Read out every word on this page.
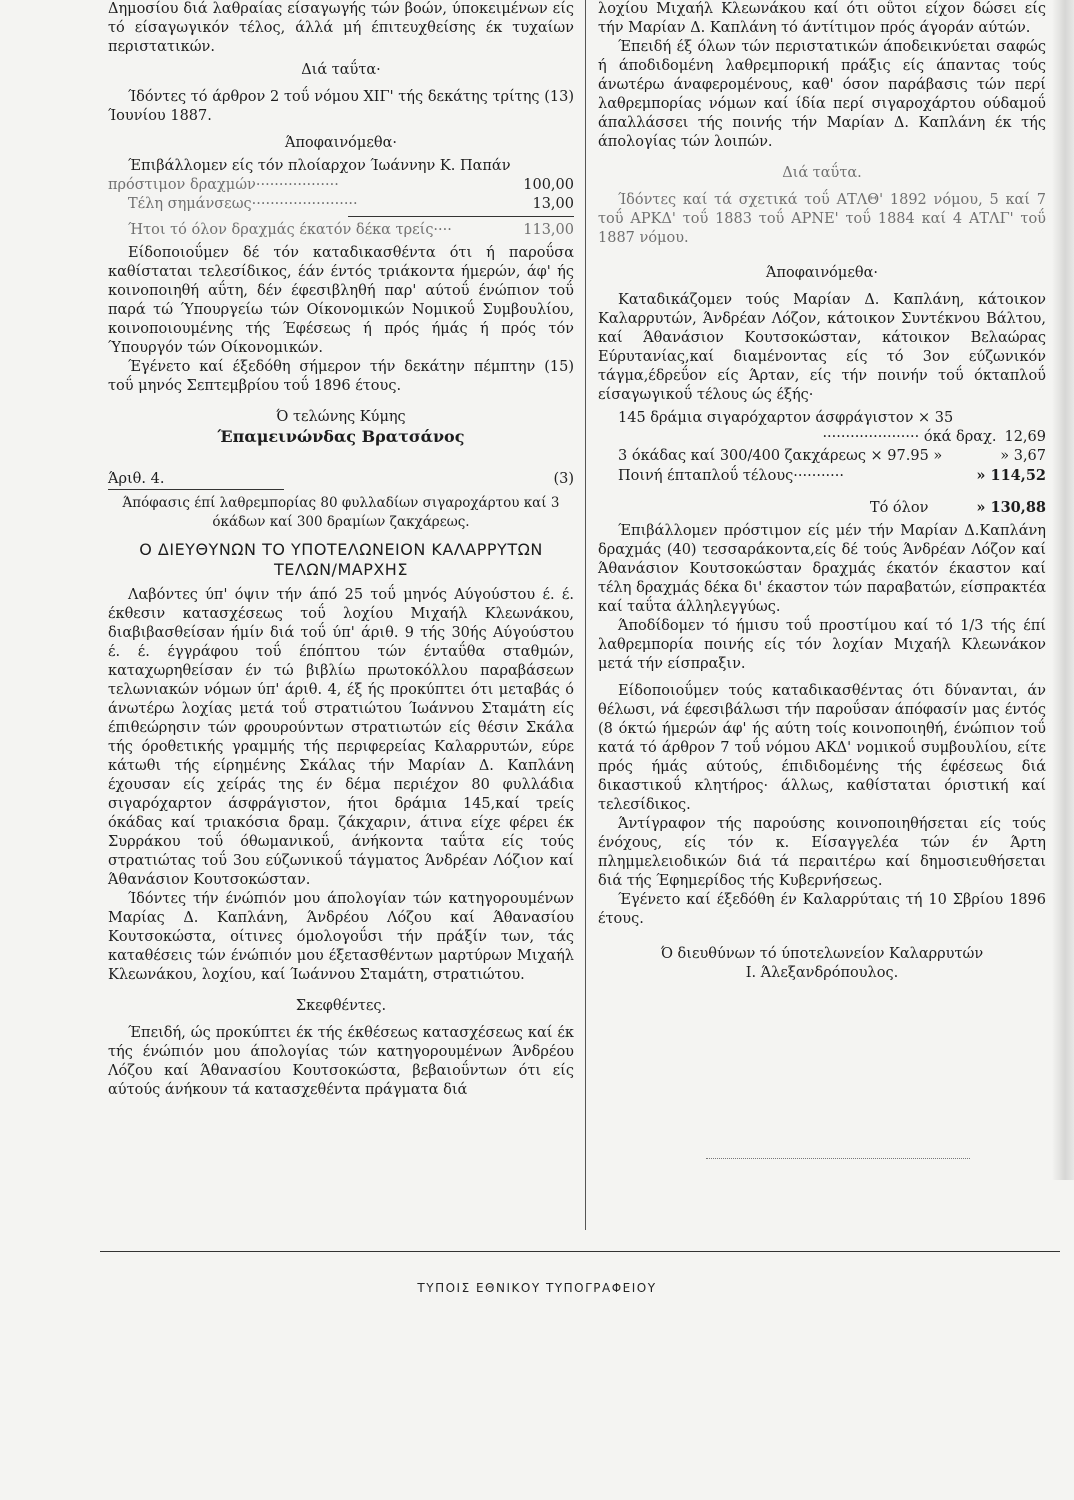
Δημοσίου διά λαθραίας είσαγωγής τών βοών, ύποκειμένων είς τό είσαγωγικόν τέλος, άλλά μή έπιτευχθείσης έκ τυχαίων περιστατικών.

Διά ταΰτα·

Ίδόντες τό άρθρον 2 τοΰ νόμου ΧΙΓ' τής δεκάτης τρίτης (13) Ίουνίου 1887.

Άποφαινόμεθα·

Έπιβάλλομεν είς τόν πλοίαρχον Ίωάννην Κ. Παπάν

πρόστιμον δραχμών··················	100,00
Τέλη σημάνσεως·······················	13,00
Ήτοι τό όλον δραχμάς έκατόν δέκα τρείς····	113,00

Είδοποιοΰμεν δέ τόν καταδικασθέντα ότι ή παροΰσα καθίσταται τελεσίδικος, έάν έντός τριάκοντα ήμερών, άφ' ής κοινοποιηθή αΰτη, δέν έφεσιβληθή παρ' αύτοΰ ένώπιον τοΰ παρά τώ Ύπουργείω τών Οίκονομικών Νομικοΰ Συμβουλίου, κοινοποιουμένης τής Έφέσεως ή πρός ήμάς ή πρός τόν Ύπουργόν τών Οίκονομικών.

Έγένετο καί έξεδόθη σήμερον τήν δεκάτην πέμπτην (15) τοΰ μηνός Σεπτεμβρίου τοΰ 1896 έτους.

Ό τελώνης Κύμης

Έπαμεινώνδας Βρατσάνος

Άριθ. 4.	(3)

Άπόφασις έπί λαθρεμπορίας 80 φυλλαδίων σιγαροχάρτου καί 3 όκάδων καί 300 δραμίων ζακχάρεως.

Ο ΔΙΕΥΘΥΝΩΝ ΤΟ ΥΠΟΤΕΛΩΝΕΙΟΝ ΚΑΛΑΡΡΥΤΩΝ ΤΕΛΩΝ/ΜΑΡΧΗΣ

Λαβόντες ύπ' όψιν τήν άπό 25 τοΰ μηνός Αύγούστου έ. έ. έκθεσιν κατασχέσεως τοΰ λοχίου Μιχαήλ Κλεωνάκου, διαβιβασθείσαν ήμίν διά τοΰ ύπ' άριθ. 9 τής 30ής Αύγούστου έ. έ. έγγράφου τοΰ έπόπτου τών ένταΰθα σταθμών, καταχωρηθείσαν έν τώ βιβλίω πρωτοκόλλου παραβάσεων τελωνιακών νόμων ύπ' άριθ. 4, έξ ής προκύπτει ότι μεταβάς ό άνωτέρω λοχίας μετά τοΰ στρατιώτου Ίωάννου Σταμάτη είς έπιθεώρησιν τών φρουρούντων στρατιωτών είς θέσιν Σκάλα τής όροθετικής γραμμής τής περιφερείας Καλαρρυτών, εύρε κάτωθι τής είρημένης Σκάλας τήν Μαρίαν Δ. Καπλάνη έχουσαν είς χείράς της έν δέμα περιέχον 80 φυλλάδια σιγαρόχαρτον άσφράγιστον, ήτοι δράμια 145,καί τρείς όκάδας καί τριακόσια δραμ. ζάκχαριν, άτινα είχε φέρει έκ Συρράκου τοΰ όθωμανικοΰ, άνήκοντα ταΰτα είς τούς στρατιώτας τοΰ 3ου εύζωνικοΰ τάγματος Άνδρέαν Λόζιον καί Άθανάσιον Κουτσοκώσταν.

Ίδόντες τήν ένώπιόν μου άπολογίαν τών κατηγορουμένων Μαρίας Δ. Καπλάνη, Άνδρέου Λόζου καί Άθανασίου Κουτσοκώστα, οίτινες όμολογοΰσι τήν πράξίν των, τάς καταθέσεις τών ένώπιόν μου έξετασθέντων μαρτύρων Μιχαήλ Κλεωνάκου, λοχίου, καί Ίωάννου Σταμάτη, στρατιώτου.

Σκεφθέντες.

Έπειδή, ώς προκύπτει έκ τής έκθέσεως κατασχέσεως καί έκ τής ένώπιόν μου άπολογίας τών κατηγορουμένων Άνδρέου Λόζου καί Άθανασίου Κουτσοκώστα, βεβαιοΰντων ότι είς αύτούς άνήκουν τά κατασχεθέντα πράγματα διά

λοχίου Μιχαήλ Κλεωνάκου καί ότι οΰτοι είχον δώσει είς τήν Μαρίαν Δ. Καπλάνη τό άντίτιμον πρός άγοράν αύτών.

Έπειδή έξ όλων τών περιστατικών άποδεικνύεται σαφώς ή άποδιδομένη λαθρεμπορική πράξις είς άπαντας τούς άνωτέρω άναφερομένους, καθ' όσον παράβασις τών περί λαθρεμπορίας νόμων καί ίδία περί σιγαροχάρτου ούδαμοΰ άπαλλάσσει τής ποινής τήν Μαρίαν Δ. Καπλάνη έκ τής άπολογίας τών λοιπών.

Διά ταΰτα.

Ίδόντες καί τά σχετικά τοΰ ΑΤΛΘ' 1892 νόμου, 5 καί 7 τοΰ ΑΡΚΔ' τοΰ 1883 τοΰ ΑΡΝΕ' τοΰ 1884 καί 4 ΑΤΛΓ' τοΰ 1887 νόμου.

Άποφαινόμεθα·

Καταδικάζομεν τούς Μαρίαν Δ. Καπλάνη, κάτοικον Καλαρρυτών, Άνδρέαν Λόζον, κάτοικον Συντέκνου Βάλτου, καί Άθανάσιον Κουτσοκώσταν, κάτοικον Βελαώρας Εύρυτανίας,καί διαμένοντας είς τό 3ον εύζωνικόν τάγμα,έδρεΰον είς Άρταν, είς τήν ποινήν τοΰ όκταπλοΰ είσαγωγικοΰ τέλους ώς έξής·

145 δράμια σιγαρόχαρτον άσφράγιστον × 35

····················· όκά δραχ. 12,69
3 όκάδας καί 300/400 ζακχάρεως × 97.95 »	» 3,67
Ποινή έπταπλοΰ τέλους···········	» 114,52
Τό όλον	» 130,88

Έπιβάλλομεν πρόστιμον είς μέν τήν Μαρίαν Δ.Καπλάνη δραχμάς (40) τεσσαράκοντα,είς δέ τούς Άνδρέαν Λόζον καί Άθανάσιον Κουτσοκώσταν δραχμάς έκατόν έκαστον καί τέλη δραχμάς δέκα δι' έκαστον τών παραβατών, είσπρακτέα καί ταΰτα άλληλεγγύως.

Άποδίδομεν τό ήμισυ τοΰ προστίμου καί τό 1/3 τής έπί λαθρεμπορία ποινής είς τόν λοχίαν Μιχαήλ Κλεωνάκον μετά τήν είσπραξιν.

Είδοποιοΰμεν τούς καταδικασθέντας ότι δύνανται, άν θέλωσι, νά έφεσιβάλωσι τήν παροΰσαν άπόφασίν μας έντός (8 όκτώ ήμερών άφ' ής αύτη τοίς κοινοποιηθή, ένώπιον τοΰ κατά τό άρθρον 7 τοΰ νόμου ΑΚΔ' νομικοΰ συμβουλίου, είτε πρός ήμάς αύτούς, έπιδιδομένης τής έφέσεως διά δικαστικοΰ κλητήρος· άλλως, καθίσταται όριστική καί τελεσίδικος.

Άντίγραφον τής παρούσης κοινοποιηθήσεται είς τούς ένόχους, είς τόν κ. Είσαγγελέα τών έν Άρτη πλημμελειοδικών διά τά περαιτέρω καί δημοσιευθήσεται διά τής Έφημερίδος τής Κυβερνήσεως.

Έγένετο καί έξεδόθη έν Καλαρρύταις τή 10 Σβρίου 1896 έτους.

Ό διευθύνων τό ύποτελωνείον Καλαρρυτών

Ι. Άλεξανδρόπουλος.

ΤΥΠΟΙΣ ΕΘΝΙΚΟΥ ΤΥΠΟΓΡΑΦΕΙΟΥ
